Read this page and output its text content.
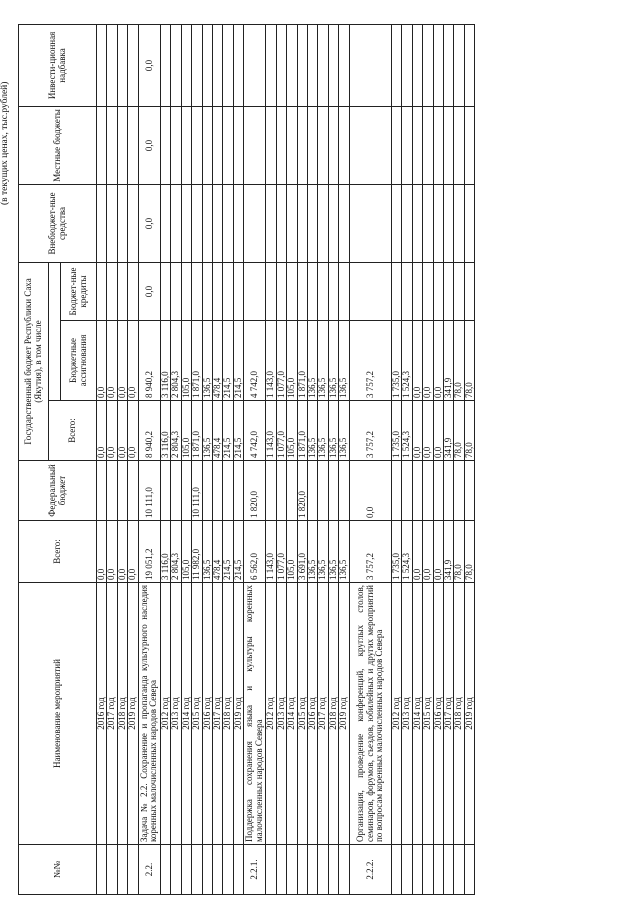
(в текущих ценах, тыс.рублей)
№№	Наименование мероприятий	Всего:	Федеральный бюджет	Государственный бюджет Республики Саха (Якутия), в том числе			Внебюджет-ные средства	Местные бюджеты	Инвести-ционная надбавка
				Всего:					
					Бюджетные ассигнования	Бюджет-ные кредиты			
	2016 год	0,0		0,0	0,0				
	2017 год	0,0		0,0	0,0				
	2018 год	0,0		0,0	0,0				
	2019 год	0,0		0,0	0,0				
2.2.	Задача № 2.2. Сохранение и пропаганда культурного наследия коренных малочисленных народов Севера	19 051,2	10 111,0	8 940,2	8 940,2	0,0	0,0	0,0	0,0
	2012 год	3 116,0		3 116,0	3 116,0				
	2013 год	2 804,3		2 804,3	2 804,3				
	2014 год	105,0		105,0	105,0				
	2015 год	11 982,0	10 111,0	1 871,0	1 871,0				
	2016 год	136,5		136,5	136,5				
	2017 год	478,4		478,4	478,4				
	2018 год	214,5		214,5	214,5				
	2019 год	214,5		214,5	214,5				
2.2.1.	Поддержка сохранения языка и культуры коренных малочисленных народов Севера	6 562,0	1 820,0	4 742,0	4 742,0				
	2012 год	1 143,0		1 143,0	1 143,0				
	2013 год	1 077,0		1 077,0	1 077,0				
	2014 год	105,0		105,0	105,0				
	2015 год	3 691,0	1 820,0	1 871,0	1 871,0				
	2016 год	136,5		136,5	136,5				
	2017 год	136,5		136,5	136,5				
	2018 год	136,5		136,5	136,5				
	2019 год	136,5		136,5	136,5				
2.2.2.	Организация, проведение конференций, круглых столов, семинаров, форумов, съездов, юбилейных и других мероприятий по вопросам коренных малочисленных народов Севера	3 757,2	0,0	3 757,2	3 757,2				
	2012 год	1 735,0		1 735,0	1 735,0				
	2013 год	1 524,3		1 524,3	1 524,3				
	2014 год	0,0		0,0	0,0				
	2015 год	0,0		0,0	0,0				
	2016 год	0,0		0,0	0,0				
	2017 год	341,9		341,9	341,9				
	2018 год	78,0		78,0	78,0				
	2019 год	78,0		78,0	78,0				
